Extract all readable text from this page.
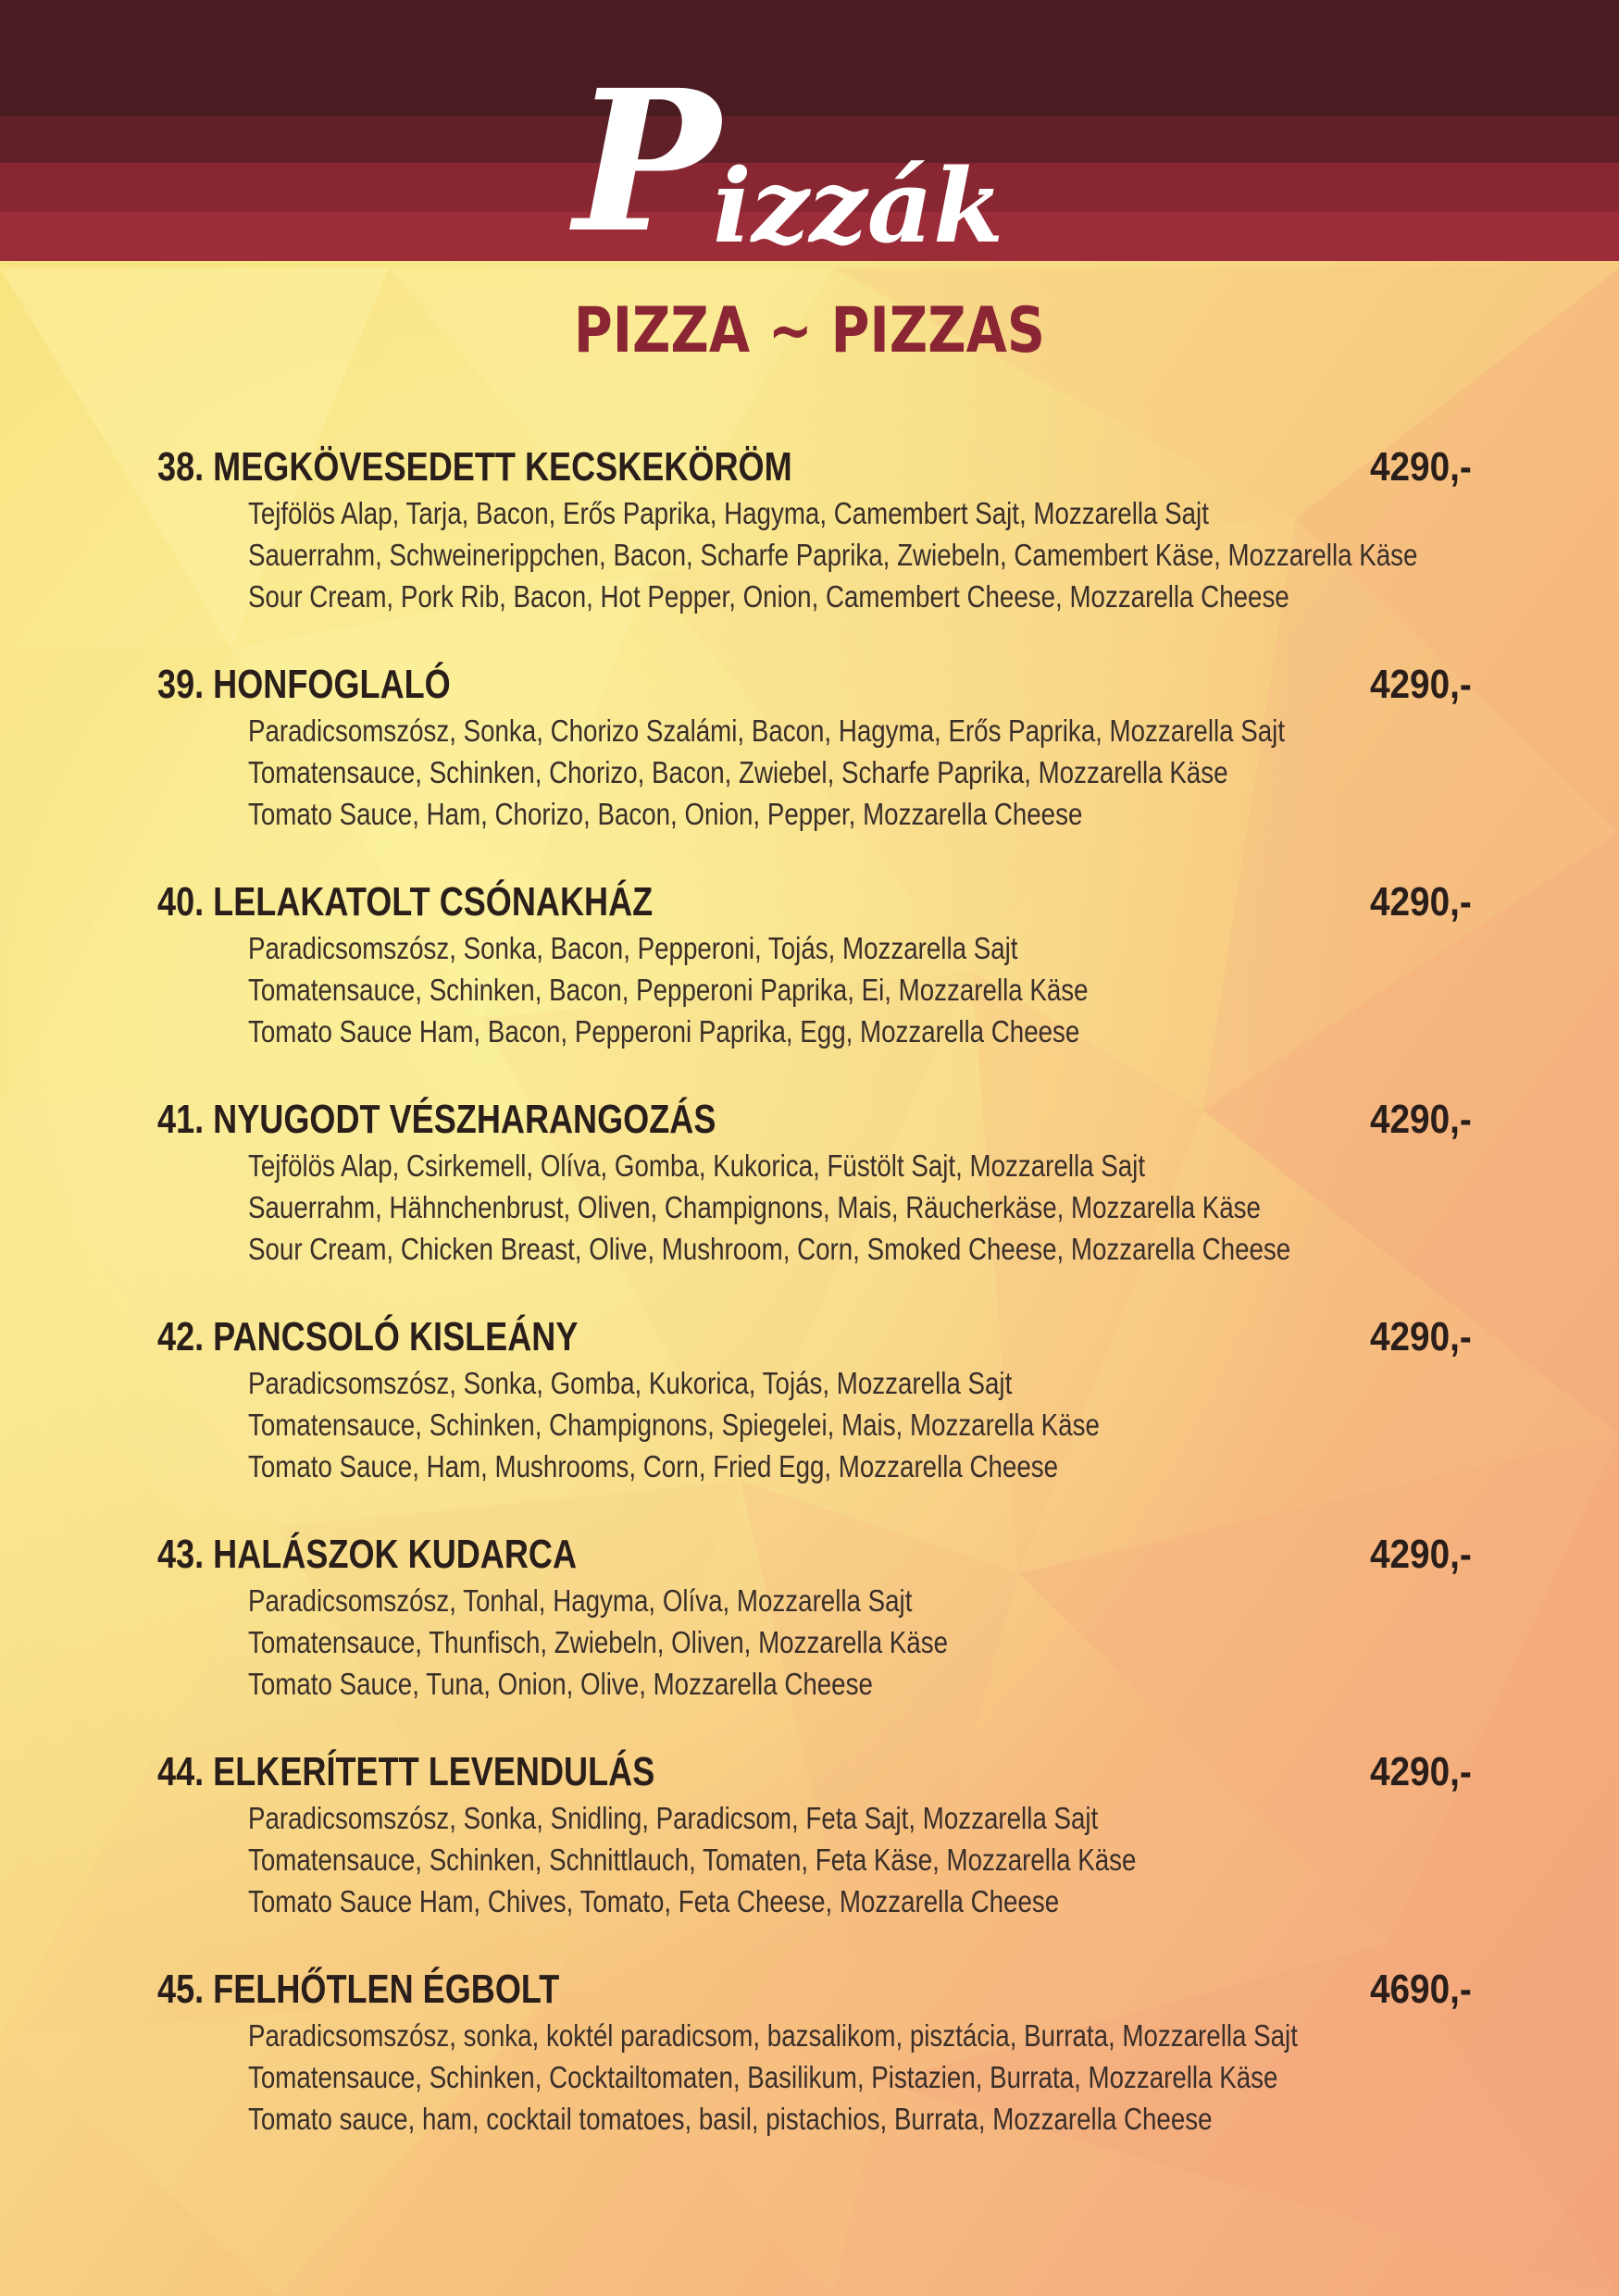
P
izzák
PIZZA ~ PIZZAS
38. MEGKÖVESEDETT KECSKEKÖRÖM	4290,-
Tejfölös Alap, Tarja, Bacon, Erős Paprika, Hagyma, Camembert Sajt, Mozzarella Sajt
Sauerrahm, Schweinerippchen, Bacon, Scharfe Paprika, Zwiebeln, Camembert Käse, Mozzarella Käse
Sour Cream, Pork Rib, Bacon, Hot Pepper, Onion, Camembert Cheese, Mozzarella Cheese
39. HONFOGLALÓ	4290,-
Paradicsomszósz, Sonka, Chorizo Szalámi, Bacon, Hagyma, Erős Paprika, Mozzarella Sajt
Tomatensauce, Schinken, Chorizo, Bacon, Zwiebel, Scharfe Paprika, Mozzarella Käse
Tomato Sauce, Ham, Chorizo, Bacon, Onion, Pepper, Mozzarella Cheese
40. LELAKATOLT CSÓNAKHÁZ	4290,-
Paradicsomszósz, Sonka, Bacon, Pepperoni, Tojás, Mozzarella Sajt
Tomatensauce, Schinken, Bacon, Pepperoni Paprika, Ei, Mozzarella Käse
Tomato Sauce Ham, Bacon, Pepperoni Paprika, Egg, Mozzarella Cheese
41. NYUGODT VÉSZHARANGOZÁS	4290,-
Tejfölös Alap, Csirkemell, Olíva, Gomba, Kukorica, Füstölt Sajt, Mozzarella Sajt
Sauerrahm, Hähnchenbrust, Oliven, Champignons, Mais, Räucherkäse, Mozzarella Käse
Sour Cream, Chicken Breast, Olive, Mushroom, Corn, Smoked Cheese, Mozzarella Cheese
42. PANCSOLÓ KISLEÁNY	4290,-
Paradicsomszósz, Sonka, Gomba, Kukorica, Tojás, Mozzarella Sajt
Tomatensauce, Schinken, Champignons, Spiegelei, Mais, Mozzarella Käse
Tomato Sauce, Ham, Mushrooms, Corn, Fried Egg, Mozzarella Cheese
43. HALÁSZOK KUDARCA	4290,-
Paradicsomszósz, Tonhal, Hagyma, Olíva, Mozzarella Sajt
Tomatensauce, Thunfisch, Zwiebeln, Oliven, Mozzarella Käse
Tomato Sauce, Tuna, Onion, Olive, Mozzarella Cheese
44. ELKERÍTETT LEVENDULÁS	4290,-
Paradicsomszósz, Sonka, Snidling, Paradicsom, Feta Sajt, Mozzarella Sajt
Tomatensauce, Schinken, Schnittlauch, Tomaten, Feta Käse, Mozzarella Käse
Tomato Sauce Ham, Chives, Tomato, Feta Cheese, Mozzarella Cheese
45. FELHŐTLEN ÉGBOLT	4690,-
Paradicsomszósz, sonka, koktél paradicsom, bazsalikom, pisztácia, Burrata, Mozzarella Sajt
Tomatensauce, Schinken, Cocktailtomaten, Basilikum, Pistazien, Burrata, Mozzarella Käse
Tomato sauce, ham, cocktail tomatoes, basil, pistachios, Burrata, Mozzarella Cheese
